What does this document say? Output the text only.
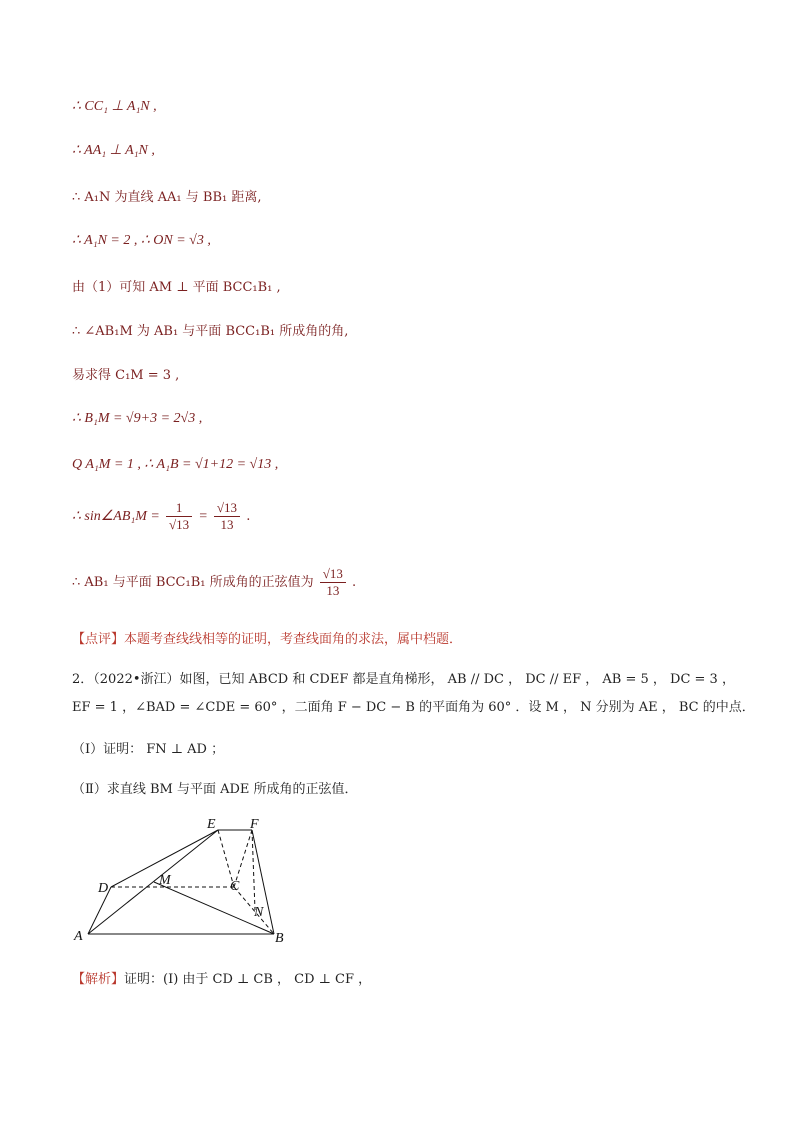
∴ CC₁ ⊥ A₁N ,
∴ AA₁ ⊥ A₁N ,
∴ A₁N 为直线 AA₁ 与 BB₁ 距离,
∴ A₁N = 2 , ∴ ON = √3 ,
由（1）可知 AM ⊥ 平面 BCC₁B₁ ,
∴ ∠AB₁M 为 AB₁ 与平面 BCC₁B₁ 所成角的角,
易求得 C₁M = 3 ,
∴ B₁M = √9+3 = 2√3 ,
Q A₁M = 1 , ∴ A₁B = √1+12 = √13 ,
∴ sin∠AB₁M = $\frac{1}{√13} = \frac{√13}{13}$ .
∴ AB₁ 与平面 BCC₁B₁ 所成角的正弦值为 $\frac{√13}{13}$ .
【点评】本题考查线线相等的证明，考查线面角的求法，属中档题．
2．（2022•浙江）如图，已知 ABCD 和 CDEF 都是直角梯形， AB // DC ， DC // EF ， AB = 5 ， DC = 3 ，
EF = 1 ，∠BAD = ∠CDE = 60° ，二面角 F − DC − B 的平面角为 60° ．设 M ， N 分别为 AE ， BC 的中点．
（Ⅰ）证明： FN ⊥ AD ；
（Ⅱ）求直线 BM 与平面 ADE 所成角的正弦值．
E F
D
M	C
N
A	B
【解析】证明：(I) 由于 CD ⊥ CB ， CD ⊥ CF ，
